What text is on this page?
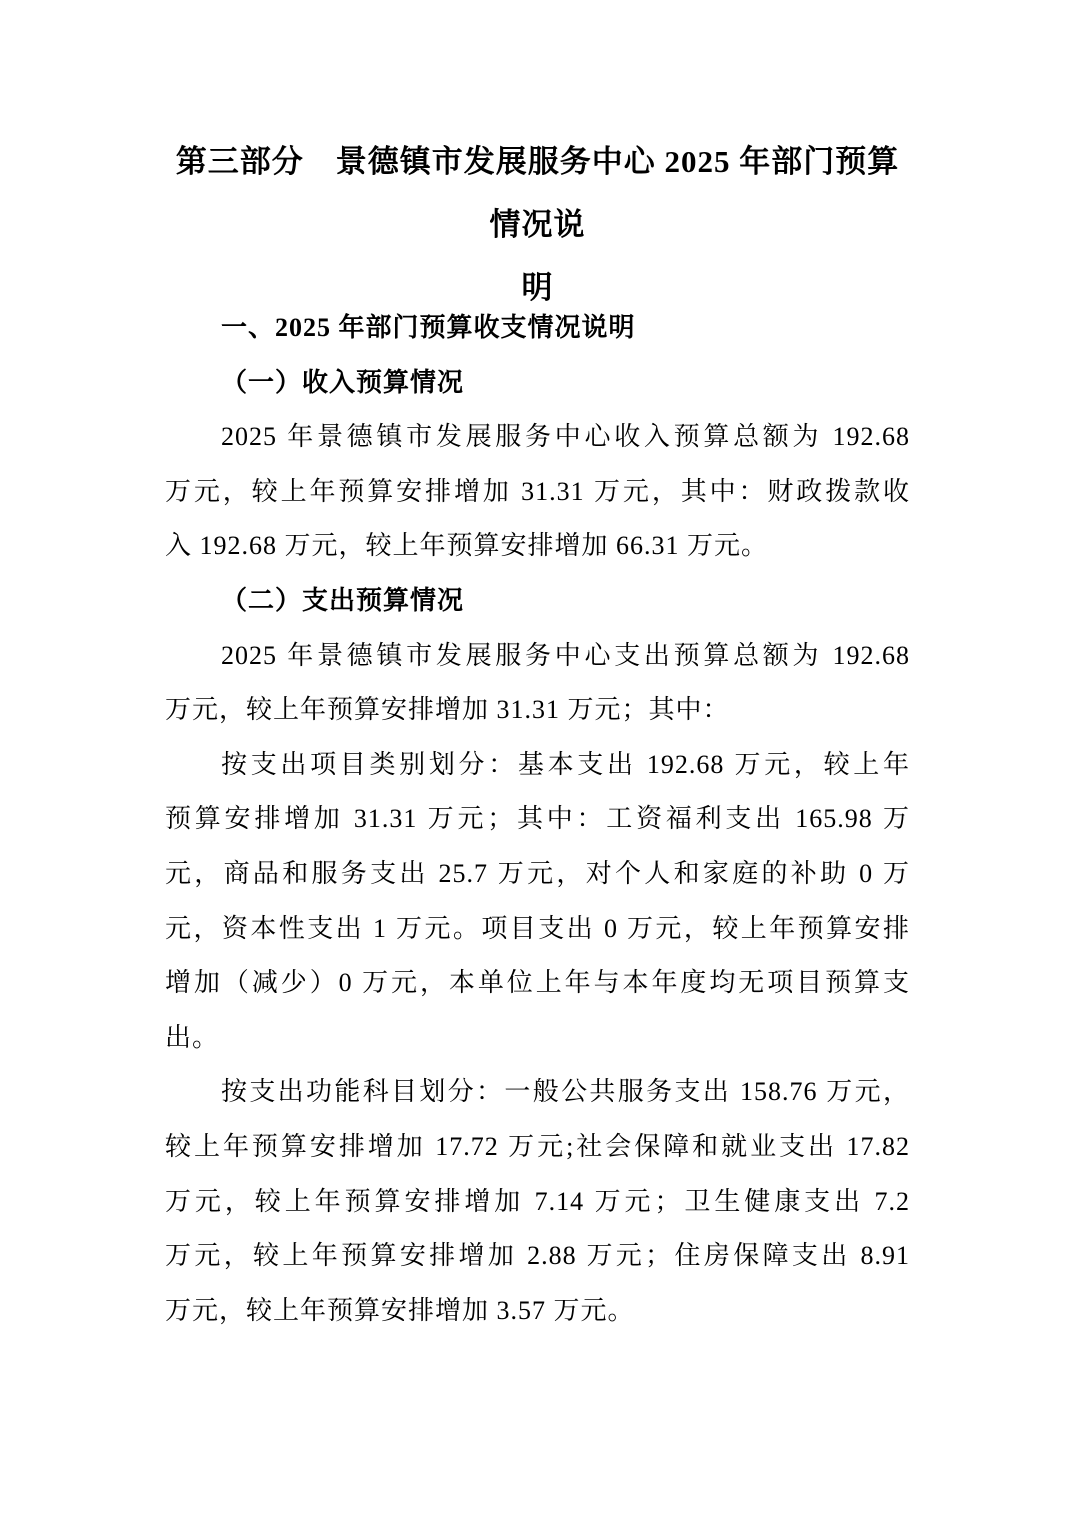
第三部分　景德镇市发展服务中心 2025 年部门预算情况说
明
一、2025 年部门预算收支情况说明
（一）收入预算情况
2025 年景德镇市发展服务中心收入预算总额为 192.68
万元，较上年预算安排增加 31.31 万元，其中：财政拨款收
入 192.68 万元，较上年预算安排增加 66.31 万元。
（二）支出预算情况
2025 年景德镇市发展服务中心支出预算总额为 192.68
万元，较上年预算安排增加 31.31 万元；其中：
按支出项目类别划分：基本支出 192.68 万元，较上年
预算安排增加 31.31 万元；其中：工资福利支出 165.98 万
元，商品和服务支出 25.7 万元，对个人和家庭的补助 0 万
元，资本性支出 1 万元。项目支出 0 万元，较上年预算安排
增加（减少）0 万元，本单位上年与本年度均无项目预算支
出。
按支出功能科目划分：一般公共服务支出 158.76 万元，
较上年预算安排增加 17.72 万元;社会保障和就业支出 17.82
万元，较上年预算安排增加 7.14 万元；卫生健康支出 7.2
万元，较上年预算安排增加 2.88 万元；住房保障支出 8.91
万元，较上年预算安排增加 3.57 万元。
